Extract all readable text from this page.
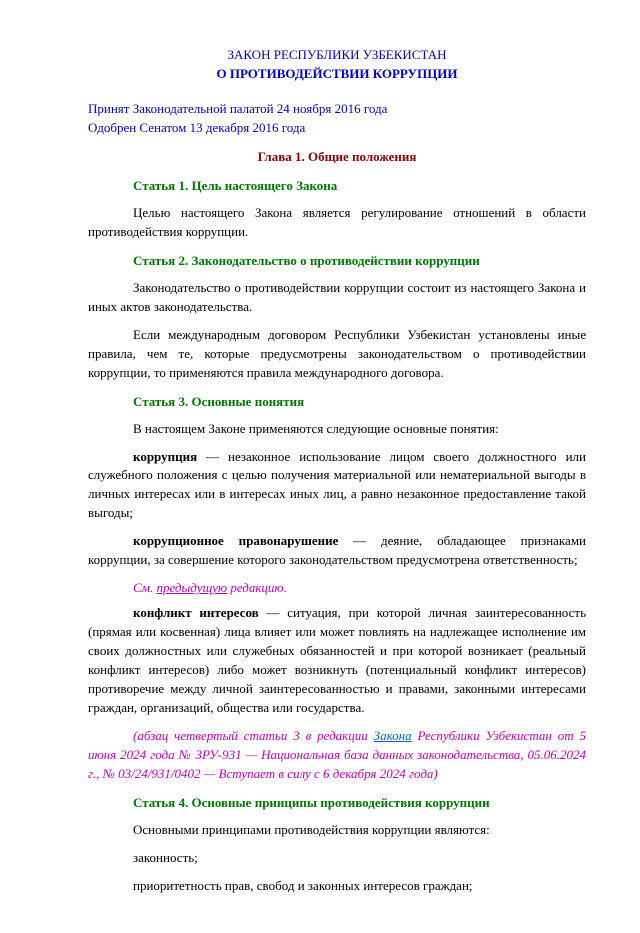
ЗАКОН РЕСПУБЛИКИ УЗБЕКИСТАН

О ПРОТИВОДЕЙСТВИИ КОРРУПЦИИ

Принят Законодательной палатой 24 ноября 2016 года

Одобрен Сенатом 13 декабря 2016 года

Глава 1. Общие положения

Статья 1. Цель настоящего Закона

Целью настоящего Закона является регулирование отношений в области противодействия коррупции.

Статья 2. Законодательство о противодействии коррупции

Законодательство о противодействии коррупции состоит из настоящего Закона и иных актов законодательства.

Если международным договором Республики Узбекистан установлены иные правила, чем те, которые предусмотрены законодательством о противодействии коррупции, то применяются правила международного договора.

Статья 3. Основные понятия

В настоящем Законе применяются следующие основные понятия:

коррупция — незаконное использование лицом своего должностного или служебного положения с целью получения материальной или нематериальной выгоды в личных интересах или в интересах иных лиц, а равно незаконное предоставление такой выгоды;

коррупционное правонарушение — деяние, обладающее признаками коррупции, за совершение которого законодательством предусмотрена ответственность;

См. предыдущую редакцию.

конфликт интересов — ситуация, при которой личная заинтересованность (прямая или косвенная) лица влияет или может повлиять на надлежащее исполнение им своих должностных или служебных обязанностей и при которой возникает (реальный конфликт интересов) либо может возникнуть (потенциальный конфликт интересов) противоречие между личной заинтересованностью и правами, законными интересами граждан, организаций, общества или государства.

(абзац четвертый статьи 3 в редакции Закона Республики Узбекистан от 5 июня 2024 года № ЗРУ-931 — Национальная база данных законодательства, 05.06.2024 г., № 03/24/931/0402 — Вступает в силу с 6 декабря 2024 года)

Статья 4. Основные принципы противодействия коррупции

Основными принципами противодействия коррупции являются:

законность;

приоритетность прав, свобод и законных интересов граждан;
